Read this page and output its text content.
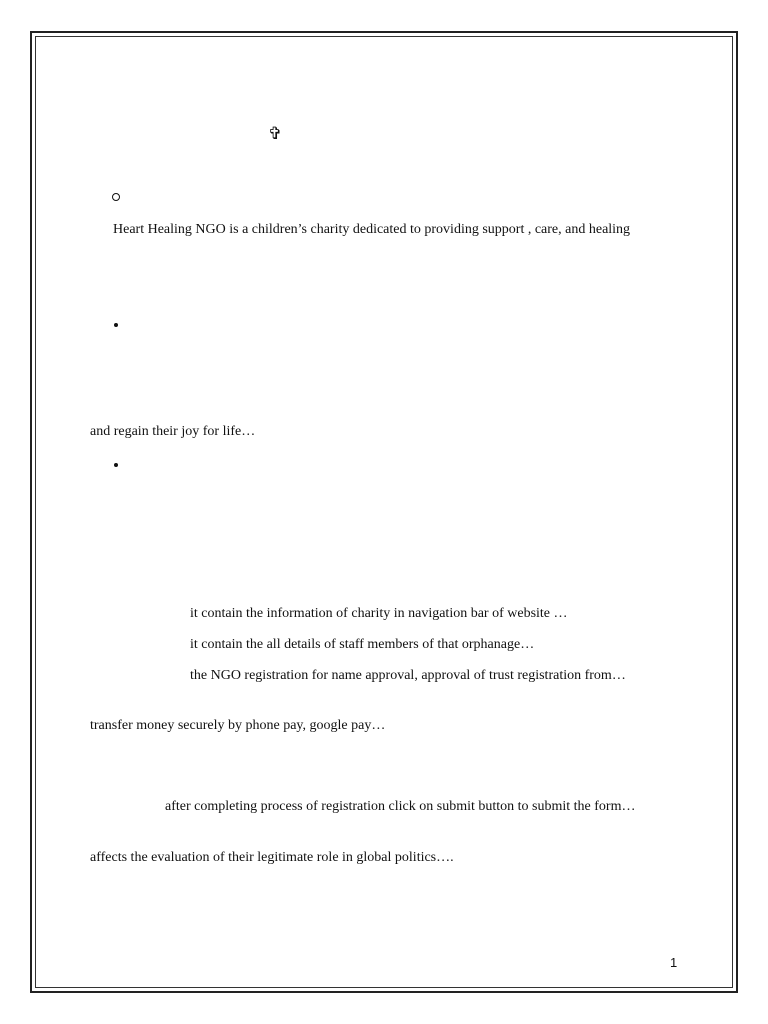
✞
Heart Healing NGO is a children’s charity dedicated to providing support , care, and healing
and regain their joy for life…
it contain the information of charity in navigation bar of website …
it contain the all details of staff members of that orphanage…
the NGO registration for name approval, approval of trust registration from…
transfer money securely by phone pay, google pay…
after completing process of registration click on submit button to submit the form…
affects the evaluation of their legitimate role in global politics….
1
